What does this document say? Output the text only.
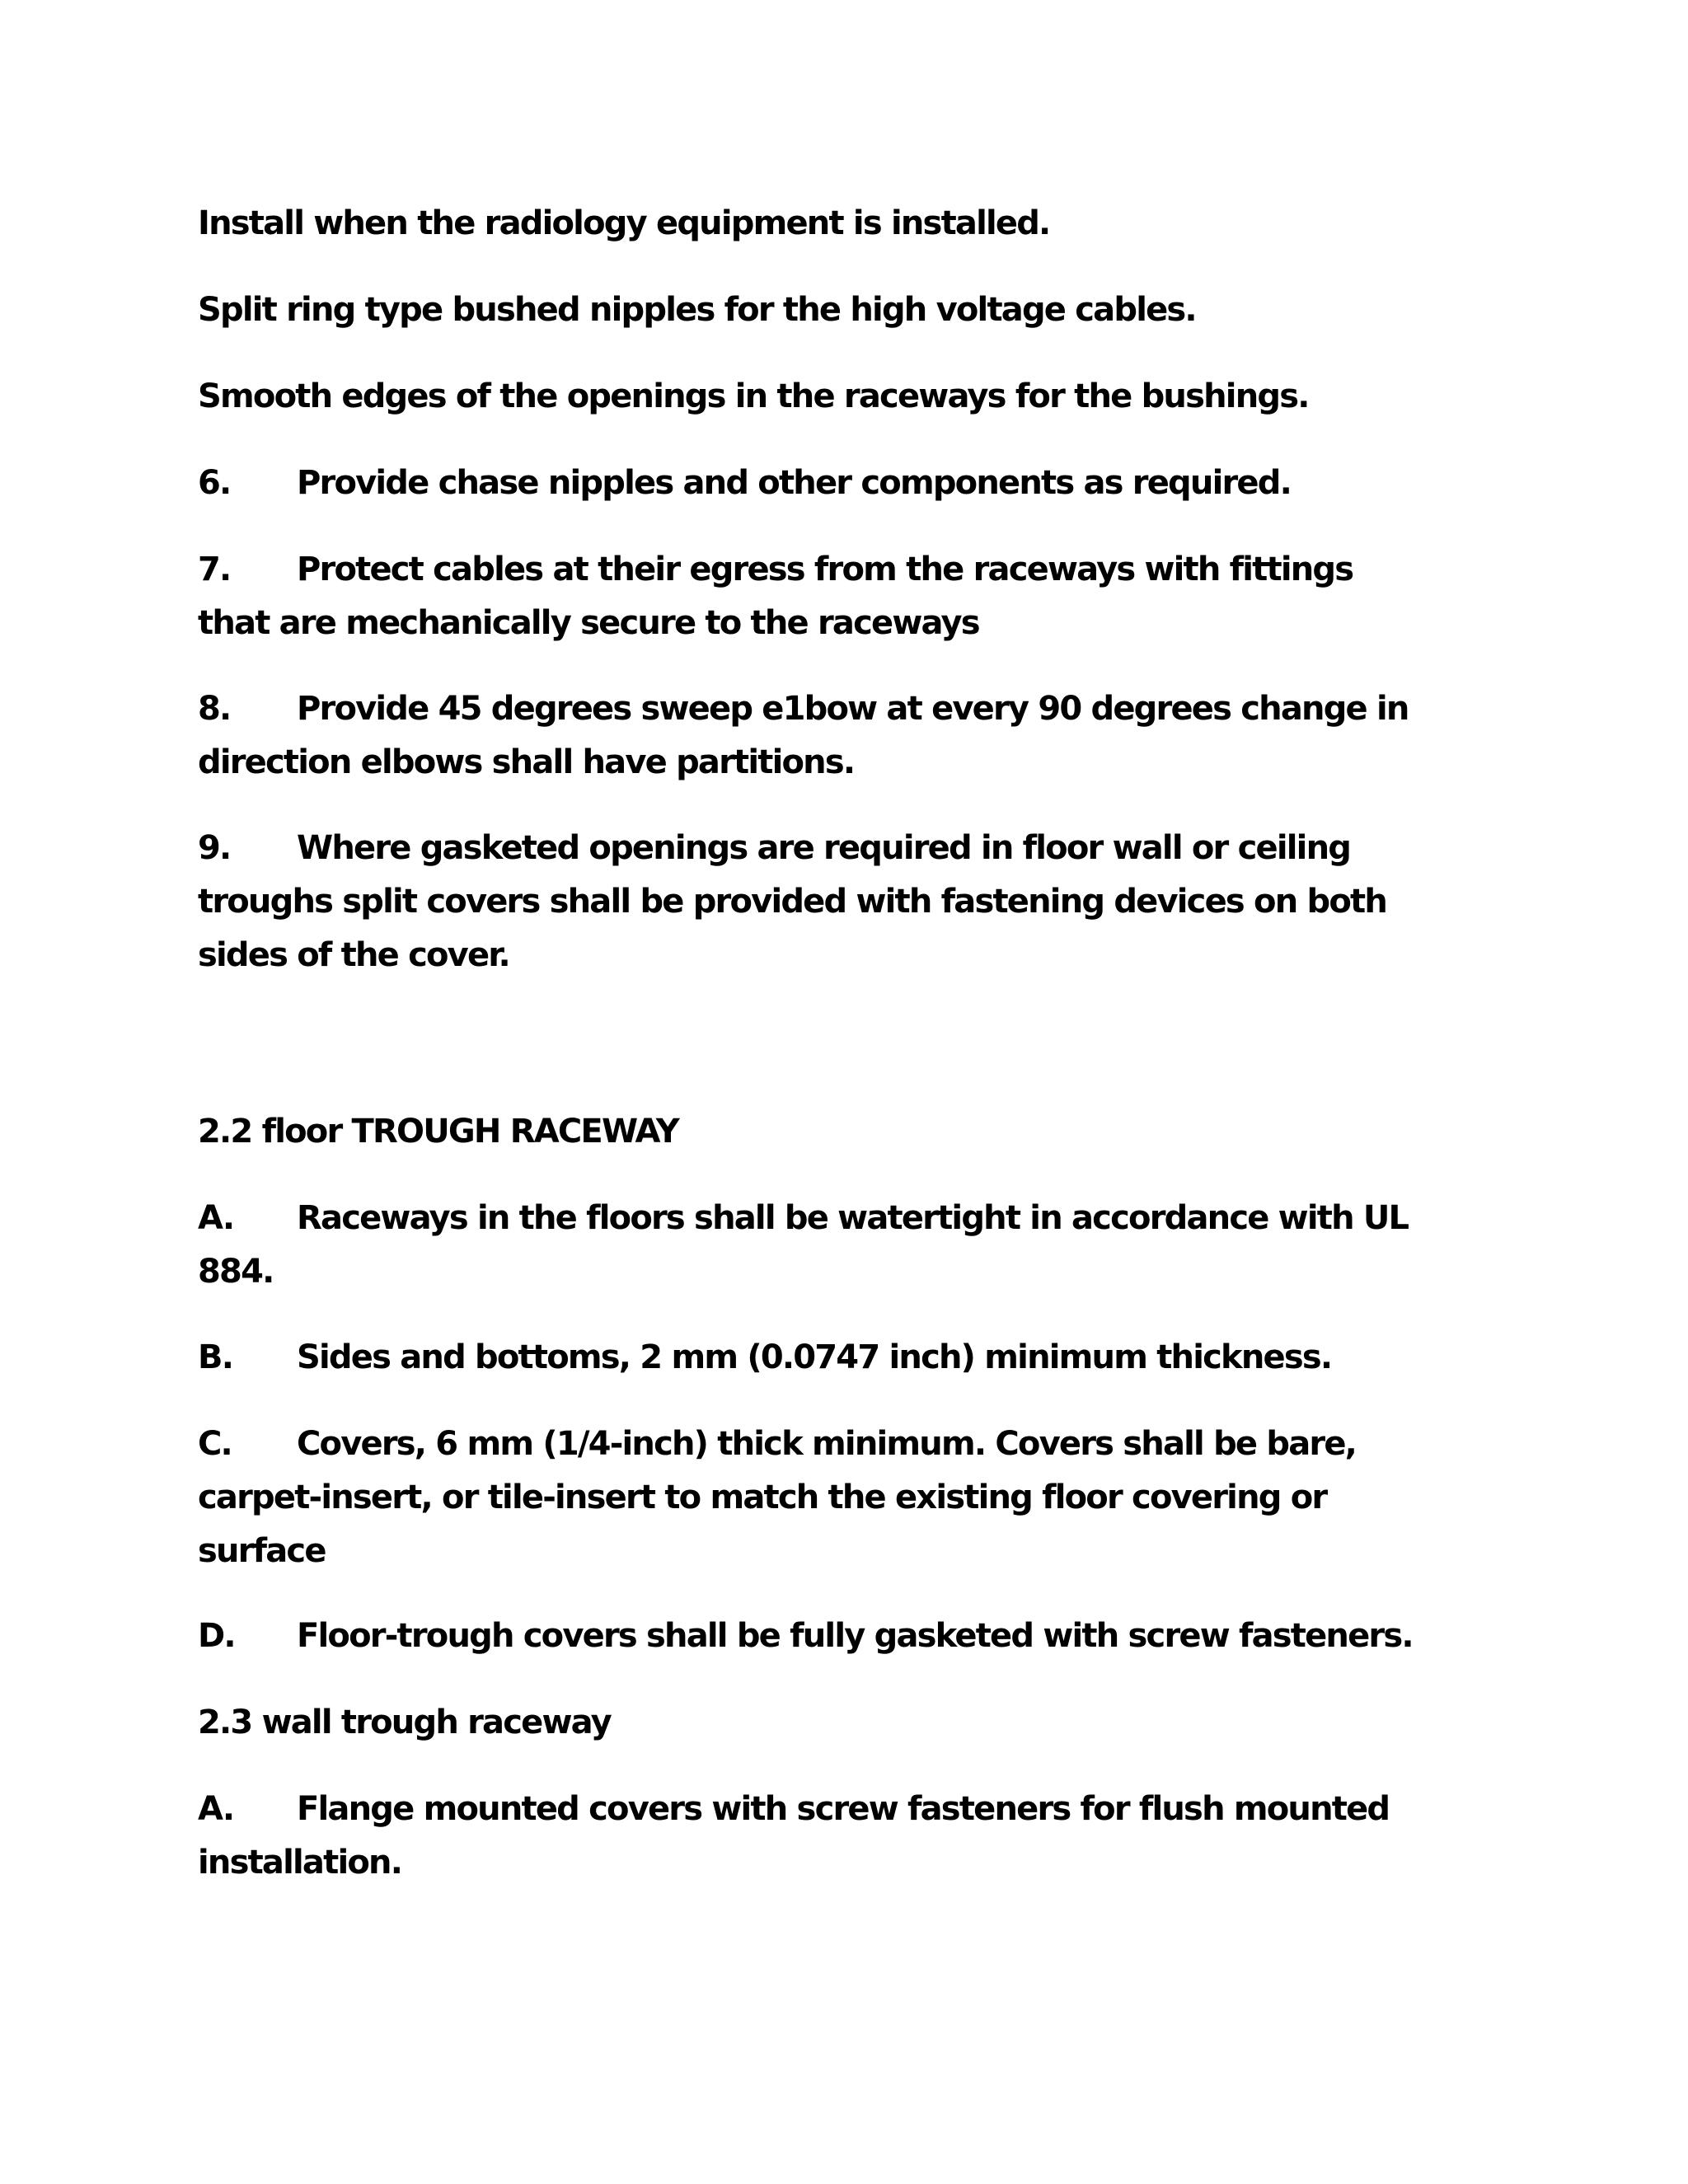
Install when the radiology equipment is installed.
Split ring type bushed nipples for the high voltage cables.
Smooth edges of the openings in the raceways for the bushings.
6. Provide chase nipples and other components as required.
7. Protect cables at their egress from the raceways with fittings
that are mechanically secure to the raceways
8. Provide 45 degrees sweep e1bow at every 90 degrees change in
direction elbows shall have partitions.
9. Where gasketed openings are required in floor wall or ceiling
troughs split covers shall be provided with fastening devices on both
sides of the cover.
2.2 floor TROUGH RACEWAY
A. Raceways in the floors shall be watertight in accordance with UL
884.
B. Sides and bottoms, 2 mm (0.0747 inch) minimum thickness.
C. Covers, 6 mm (1/4-inch) thick minimum. Covers shall be bare,
carpet-insert, or tile-insert to match the existing floor covering or
surface
D. Floor-trough covers shall be fully gasketed with screw fasteners.
2.3 wall trough raceway
A. Flange mounted covers with screw fasteners for flush mounted
installation.
